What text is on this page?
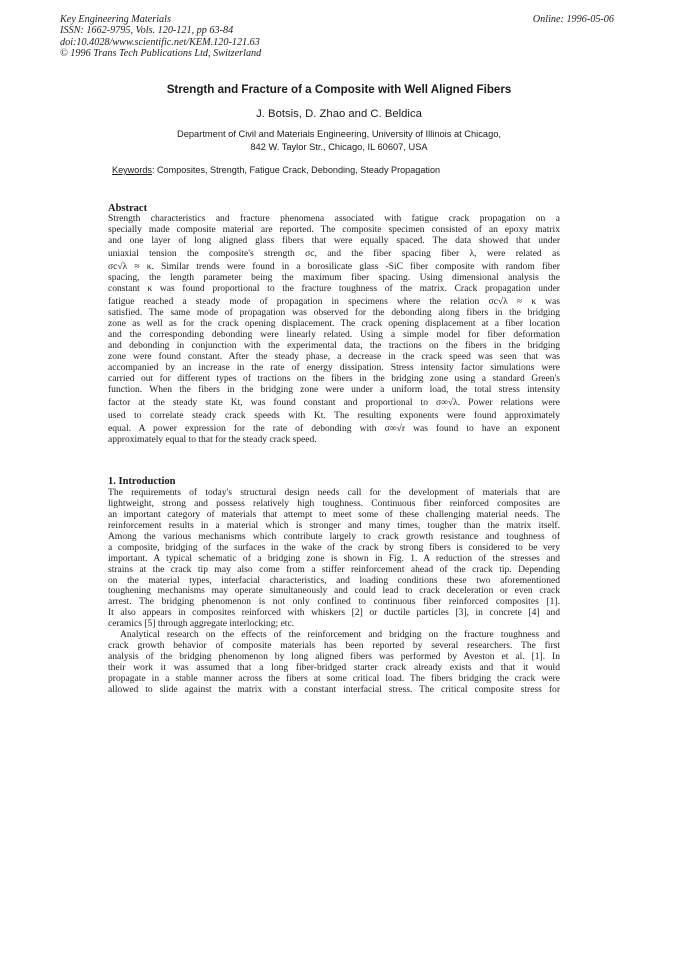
Key Engineering Materials
ISSN: 1662-9795, Vols. 120-121, pp 63-84
doi:10.4028/www.scientific.net/KEM.120-121.63
© 1996 Trans Tech Publications Ltd, Switzerland
Online: 1996-05-06
Strength and Fracture of a Composite with Well Aligned Fibers
J. Botsis, D. Zhao and C. Beldica
Department of Civil and Materials Engineering, University of Illinois at Chicago,
842 W. Taylor Str., Chicago, IL 60607, USA
Keywords: Composites, Strength, Fatigue Crack, Debonding, Steady Propagation
Abstract
Strength characteristics and fracture phenomena associated with fatigue crack propagation on a
specially made composite material are reported. The composite specimen consisted of an epoxy matrix
and one layer of long aligned glass fibers that were equally spaced. The data showed that under
uniaxial tension the composite's strength σc, and the fiber spacing fiber λ, were related as
σc√λ ≈ κ. Similar trends were found in a borosilicate glass -SiC fiber composite with random fiber
spacing, the length parameter being the maximum fiber spacing. Using dimensional analysis the
constant κ was found proportional to the fracture toughness of the matrix. Crack propagation under
fatigue reached a steady mode of propagation in specimens where the relation σc√λ ≈ κ was
satisfied. The same mode of propagation was observed for the debonding along fibers in the bridging
zone as well as for the crack opening displacement. The crack opening displacement at a fiber location
and the corresponding debonding were linearly related. Using a simple model for fiber deformation
and debonding in conjunction with the experimental data, the tractions on the fibers in the bridging
zone were found constant. After the steady phase, a decrease in the crack speed was seen that was
accompanied by an increase in the rate of energy dissipation. Stress intensity factor simulations were
carried out for different types of tractions on the fibers in the bridging zone using a standard Green's
function. When the fibers in the bridging zone were under a uniform load, the total stress intensity
factor at the steady state Kt, was found constant and proportional to σ∞√λ. Power relations were
used to correlate steady crack speeds with Kt. The resulting exponents were found approximately
equal. A power expression for the rate of debonding with σ∞√r was found to have an exponent
approximately equal to that for the steady crack speed.
1. Introduction
The requirements of today's structural design needs call for the development of materials that are
lightweight, strong and possess relatively high toughness. Continuous fiber reinforced composites are
an important category of materials that attempt to meet some of these challenging material needs. The
reinforcement results in a material which is stronger and many times, tougher than the matrix itself.
Among the various mechanisms which contribute largely to crack growth resistance and toughness of
a composite, bridging of the surfaces in the wake of the crack by strong fibers is considered to be very
important. A typical schematic of a bridging zone is shown in Fig. 1. A reduction of the stresses and
strains at the crack tip may also come from a stiffer reinforcement ahead of the crack tip. Depending
on the material types, interfacial characteristics, and loading conditions these two aforementioned
toughening mechanisms may operate simultaneously and could lead to crack deceleration or even crack
arrest. The bridging phenomenon is not only confined to continuous fiber reinforced composites [1].
It also appears in composites reinforced with whiskers [2] or ductile particles [3], in concrete [4] and
ceramics [5] through aggregate interlocking; etc.
Analytical research on the effects of the reinforcement and bridging on the fracture toughness and
crack growth behavior of composite materials has been reported by several researchers. The first
analysis of the bridging phenomenon by long aligned fibers was performed by Aveston et al. [1]. In
their work it was assumed that a long fiber-bridged starter crack already exists and that it would
propagate in a stable manner across the fibers at some critical load. The fibers bridging the crack were
allowed to slide against the matrix with a constant interfacial stress. The critical composite stress for
